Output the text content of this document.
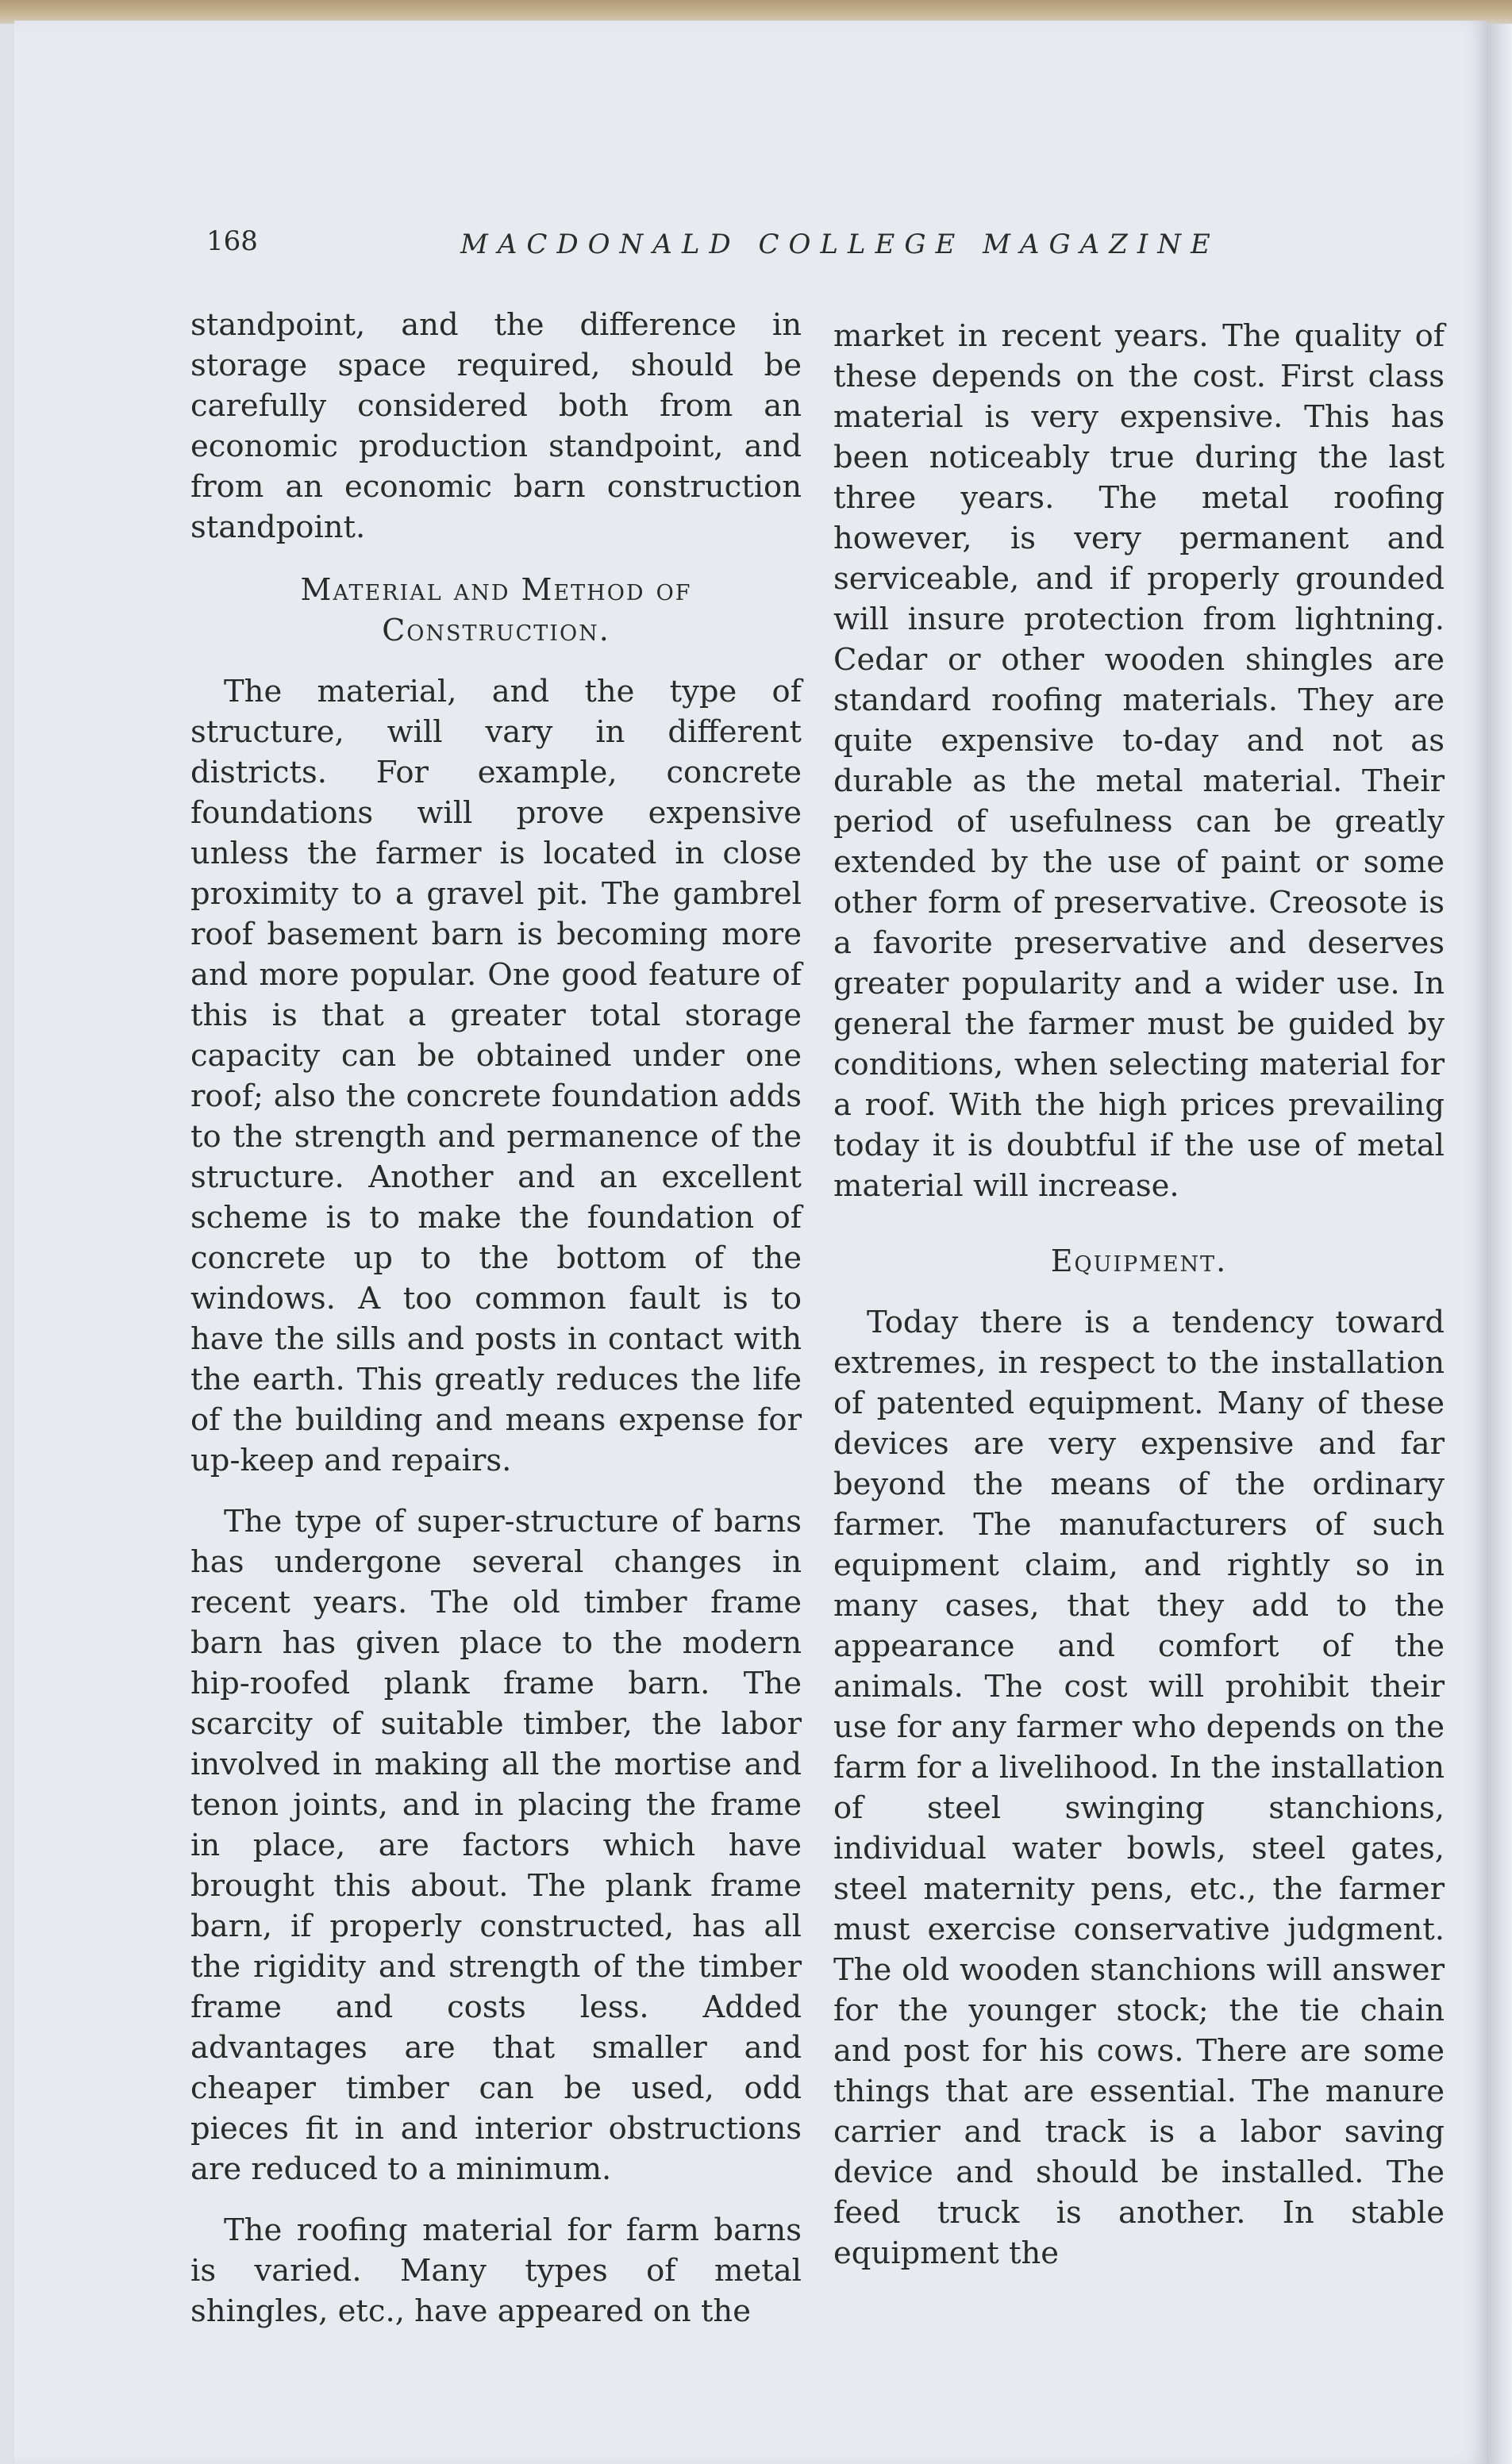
168	MACDONALD COLLEGE MAGAZINE

standpoint, and the difference in storage space required, should be carefully considered both from an economic production standpoint, and from an economic barn construction standpoint.

Material and Method of Construction.

The material, and the type of structure, will vary in different districts. For example, concrete foundations will prove expensive unless the farmer is located in close proximity to a gravel pit. The gambrel roof basement barn is becoming more and more popular. One good feature of this is that a greater total storage capacity can be obtained under one roof; also the concrete foundation adds to the strength and permanence of the structure. Another and an excellent scheme is to make the foundation of concrete up to the bottom of the windows. A too common fault is to have the sills and posts in contact with the earth. This greatly reduces the life of the building and means expense for up-keep and repairs.

The type of super-structure of barns has undergone several changes in recent years. The old timber frame barn has given place to the modern hip-roofed plank frame barn. The scarcity of suitable timber, the labor involved in making all the mortise and tenon joints, and in placing the frame in place, are factors which have brought this about. The plank frame barn, if properly constructed, has all the rigidity and strength of the timber frame and costs less. Added advantages are that smaller and cheaper timber can be used, odd pieces fit in and interior obstructions are reduced to a minimum.

The roofing material for farm barns is varied. Many types of metal shingles, etc., have appeared on the

market in recent years. The quality of these depends on the cost. First class material is very expensive. This has been noticeably true during the last three years. The metal roofing however, is very permanent and serviceable, and if properly grounded will insure protection from lightning. Cedar or other wooden shingles are standard roofing materials. They are quite expensive to-day and not as durable as the metal material. Their period of usefulness can be greatly extended by the use of paint or some other form of preservative. Creosote is a favorite preservative and deserves greater popularity and a wider use. In general the farmer must be guided by conditions, when selecting material for a roof. With the high prices prevailing today it is doubtful if the use of metal material will increase.

Equipment.

Today there is a tendency toward extremes, in respect to the installation of patented equipment. Many of these devices are very expensive and far beyond the means of the ordinary farmer. The manufacturers of such equipment claim, and rightly so in many cases, that they add to the appearance and comfort of the animals. The cost will prohibit their use for any farmer who depends on the farm for a livelihood. In the installation of steel swinging stanchions, individual water bowls, steel gates, steel maternity pens, etc., the farmer must exercise conservative judgment. The old wooden stanchions will answer for the younger stock; the tie chain and post for his cows. There are some things that are essential. The manure carrier and track is a labor saving device and should be installed. The feed truck is another. In stable equipment the
